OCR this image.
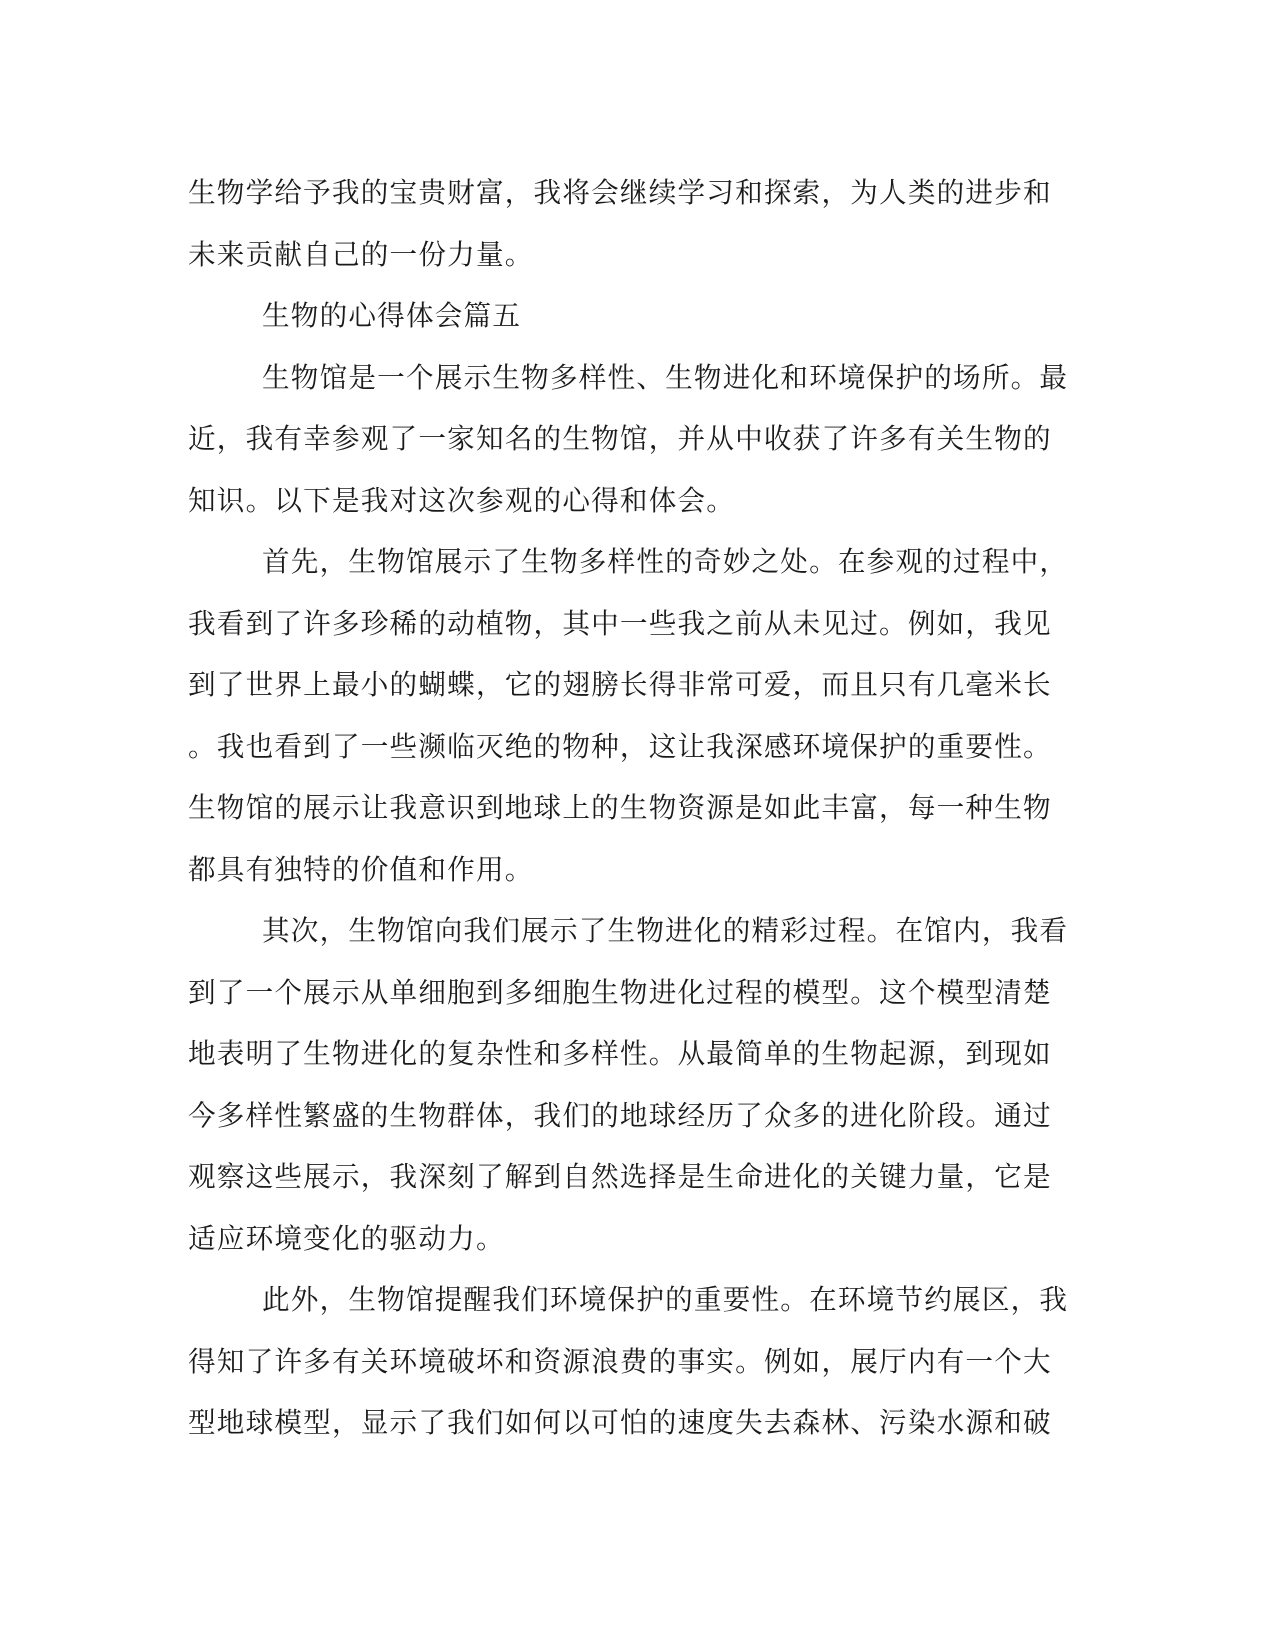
生物学给予我的宝贵财富，我将会继续学习和探索，为人类的进步和
未来贡献自己的一份力量。
生物的心得体会篇五
生物馆是一个展示生物多样性、生物进化和环境保护的场所。最
近，我有幸参观了一家知名的生物馆，并从中收获了许多有关生物的
知识。以下是我对这次参观的心得和体会。
首先，生物馆展示了生物多样性的奇妙之处。在参观的过程中，
我看到了许多珍稀的动植物，其中一些我之前从未见过。例如，我见
到了世界上最小的蝴蝶，它的翅膀长得非常可爱，而且只有几毫米长
。我也看到了一些濒临灭绝的物种，这让我深感环境保护的重要性。
生物馆的展示让我意识到地球上的生物资源是如此丰富，每一种生物
都具有独特的价值和作用。
其次，生物馆向我们展示了生物进化的精彩过程。在馆内，我看
到了一个展示从单细胞到多细胞生物进化过程的模型。这个模型清楚
地表明了生物进化的复杂性和多样性。从最简单的生物起源，到现如
今多样性繁盛的生物群体，我们的地球经历了众多的进化阶段。通过
观察这些展示，我深刻了解到自然选择是生命进化的关键力量，它是
适应环境变化的驱动力。
此外，生物馆提醒我们环境保护的重要性。在环境节约展区，我
得知了许多有关环境破坏和资源浪费的事实。例如，展厅内有一个大
型地球模型，显示了我们如何以可怕的速度失去森林、污染水源和破
